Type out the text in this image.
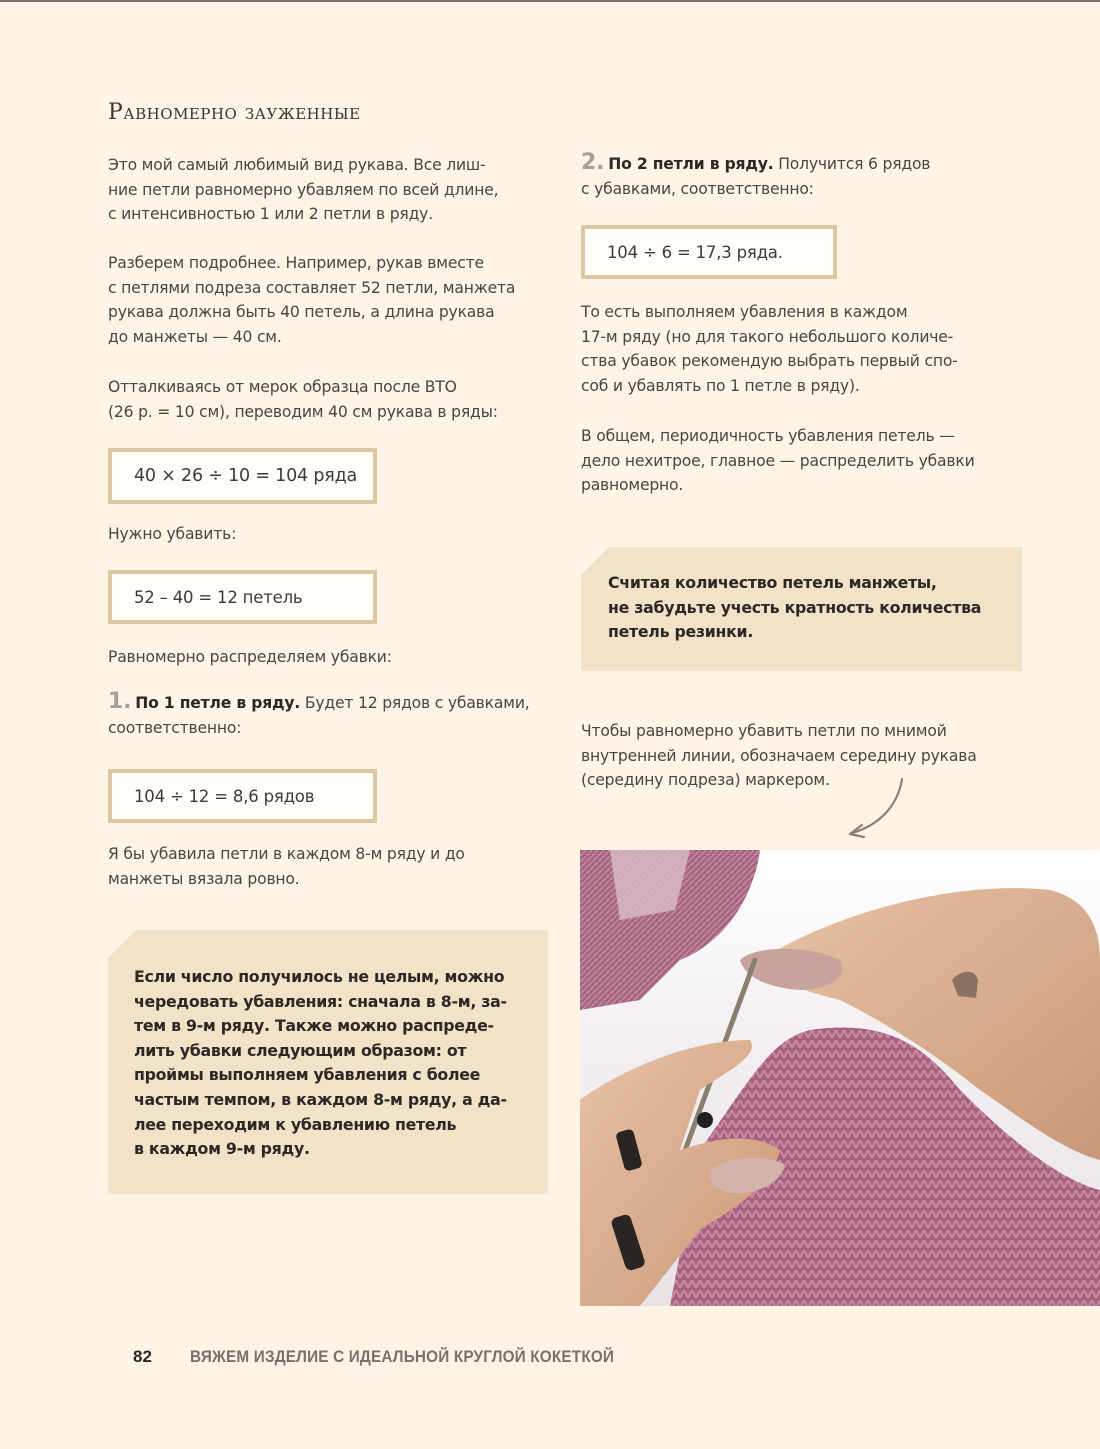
Равномерно зауженные
Это мой самый любимый вид рукава. Все лиш-
ние петли равномерно убавляем по всей длине,
с интенсивностью 1 или 2 петли в ряду.
Разберем подробнее. Например, рукав вместе
с петлями подреза составляет 52 петли, манжета
рукава должна быть 40 петель, а длина рукава
до манжеты — 40 см.
Отталкиваясь от мерок образца после ВТО
(26 р. = 10 см), переводим 40 см рукава в ряды:
40 × 26 ÷ 10 = 104 ряда
Нужно убавить:
52 – 40 = 12 петель
Равномерно распределяем убавки:
1. По 1 петле в ряду. Будет 12 рядов с убавками,
соответственно:
104 ÷ 12 = 8,6 рядов
Я бы убавила петли в каждом 8-м ряду и до
манжеты вязала ровно.
Если число получилось не целым, можно
чередовать убавления: сначала в 8-м, за-
тем в 9-м ряду. Также можно распреде-
лить убавки следующим образом: от
проймы выполняем убавления с более
частым темпом, в каждом 8-м ряду, а да-
лее переходим к убавлению петель
в каждом 9-м ряду.
2. По 2 петли в ряду. Получится 6 рядов
с убавками, соответственно:
104 ÷ 6 = 17,3 ряда.
То есть выполняем убавления в каждом
17-м ряду (но для такого небольшого количе-
ства убавок рекомендую выбрать первый спо-
соб и убавлять по 1 петле в ряду).
В общем, периодичность убавления петель —
дело нехитрое, главное — распределить убавки
равномерно.
Считая количество петель манжеты,
не забудьте учесть кратность количества
петель резинки.
Чтобы равномерно убавить петли по мнимой
внутренней линии, обозначаем середину рукава
(середину подреза) маркером.
82 ВЯЖЕМ ИЗДЕЛИЕ С ИДЕАЛЬНОЙ КРУГЛОЙ КОКЕТКОЙ
